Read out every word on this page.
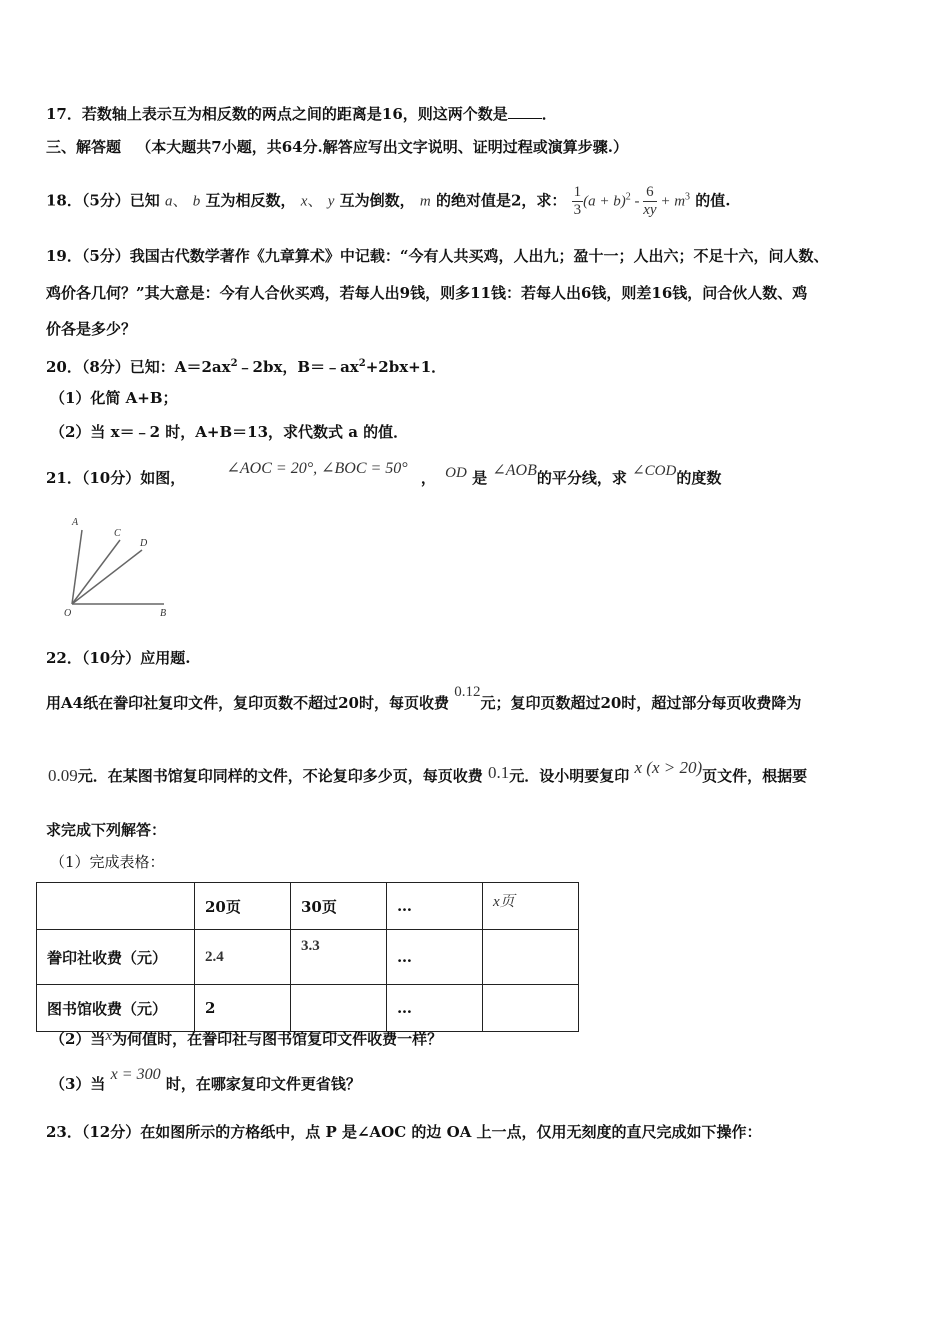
17．若数轴上表示互为相反数的两点之间的距离是16，则这两个数是 ．
三、解答题 （本大题共7小题，共64分.解答应写出文字说明、证明过程或演算步骤.）
18．（5分）已知 a、 b 互为相反数， x、 y 互为倒数， m 的绝对值是2，求： $\frac{1}{3} (a + b)^2 - \frac{6}{xy} + m^3$ 的值.
19．（5分）我国古代数学著作《九章算术》中记载：“今有人共买鸡，人出九；盈十一；人出六；不足十六，问人数、
鸡价各几何？”其大意是：今有人合伙买鸡，若每人出9钱，则多11钱：若每人出6钱，则差16钱，问合伙人数、鸡
价各是多少？
20．（8分）已知：$A=2ax^2﹣2bx$，$B=﹣ax^2+2bx+1$．
（1）化简 A+B；
（2）当 x＝﹣2 时，A+B＝13，求代数式 a 的值．
21．（10分）如图， ∠AOC = 20°, ∠BOC = 50° ， OD 是 ∠AOB的平分线，求 ∠COD的度数
A
C
D
O	B
22．（10分）应用题.
用A4纸在誊印社复印文件，复印页数不超过20时，每页收费 0.12元；复印页数超过20时，超过部分每页收费降为
0.09元．在某图书馆复印同样的文件，不论复印多少页，每页收费 0.1元．设小明要复印 x (x > 20)页文件，根据要
求完成下列解答：
（1）完成表格：
	20页	30页	…	x页
誊印社收费（元）	2.4	3.3	…	
图书馆收费（元）	2		…	
（2）当x为何值时，在誊印社与图书馆复印文件收费一样？
（3）当 x = 300 时，在哪家复印文件更省钱？
23．（12分）在如图所示的方格纸中，点 P 是∠AOC 的边 OA 上一点，仅用无刻度的直尺完成如下操作：
